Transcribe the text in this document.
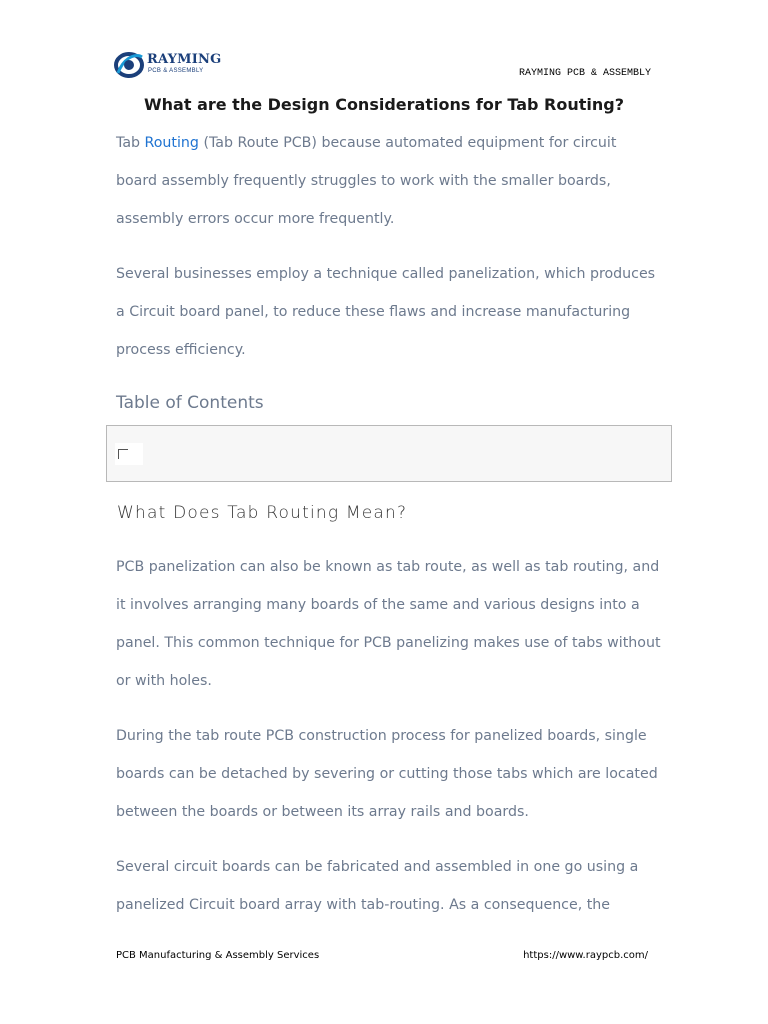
RAYMING
PCB & ASSEMBLY	RAYMING PCB & ASSEMBLY
What are the Design Considerations for Tab Routing?

Tab Routing (Tab Route PCB) because automated equipment for circuit board assembly frequently struggles to work with the smaller boards, assembly errors occur more frequently.

Several businesses employ a technique called panelization, which produces a Circuit board panel, to reduce these flaws and increase manufacturing process efficiency.

Table of Contents
What Does Tab Routing Mean?

PCB panelization can also be known as tab route, as well as tab routing, and it involves arranging many boards of the same and various designs into a panel. This common technique for PCB panelizing makes use of tabs without or with holes.

During the tab route PCB construction process for panelized boards, single boards can be detached by severing or cutting those tabs which are located between the boards or between its array rails and boards.

Several circuit boards can be fabricated and assembled in one go using a panelized Circuit board array with tab-routing. As a consequence, the

PCB Manufacturing & Assembly Services	https://www.raypcb.com/
